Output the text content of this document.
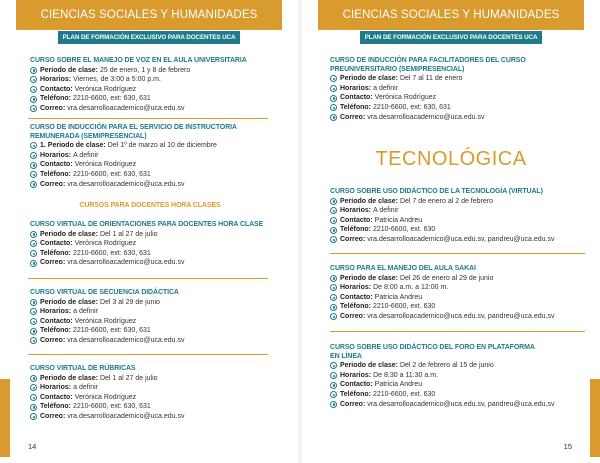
CIENCIAS SOCIALES Y HUMANIDADES
PLAN DE FORMACIÓN EXCLUSIVO PARA DOCENTES UCA
CURSO SOBRE EL MANEJO DE VOZ EN EL AULA UNIVERSITARIA
Periodo de clase: 25 de enero, 1 y 8 de febrero
Horarios: Viernes, de 3:00 a 5:00 p.m.
Contacto: Verónica Rodríguez
Teléfono: 2210-6600, ext: 630, 631
Correo: vra.desarrolloacademico@uca.edu.sv
CURSO DE INDUCCIÓN PARA EL SERVICIO DE INSTRUCTORIA
REMUNERADA (SEMIPRESENCIAL)
1. Periodo de clase: Del 1º de marzo al 10 de diciembre
Horarios: A definir
Contacto: Verónica Rodríguez
Teléfono: 2210-6600, ext: 630, 631
Correo: vra.desarrolloacademico@uca.edu.sv
CURSOS PARA DOCENTES HORA CLASES
CURSO VIRTUAL DE ORIENTACIONES PARA DOCENTES HORA CLASE
Periodo de clase: Del 1 al 27 de julio
Contacto: Verónica Rodríguez
Teléfono: 2210-6600, ext: 630, 631
Correo: vra.desarrolloacademico@uca.edu.sv
CURSO VIRTUAL DE SECUENCIA DIDÁCTICA
Periodo de clase: Del 3 al 29 de junio
Horarios: a definir
Contacto: Verónica Rodríguez
Teléfono: 2210-6600, ext: 630, 631
Correo: vra.desarrolloacademico@uca.edu.sv
CURSO VIRTUAL DE RÚBRICAS
Periodo de clase: Del 1 al 27 de julio
Horarios: a definir
Contacto: Verónica Rodríguez
Teléfono: 2210-6600, ext: 630, 631
Correo: vra.desarrolloacademico@uca.edu.sv
14
CIENCIAS SOCIALES Y HUMANIDADES
PLAN DE FORMACIÓN EXCLUSIVO PARA DOCENTES UCA
CURSO DE INDUCCIÓN PARA FACILITADORES DEL CURSO
PREUNIVERSITARIO (SEMIPRESENCIAL)
Periodo de clase: Del 7 al 11 de enero
Horarios: a definir
Contacto: Verónica Rodríguez
Teléfono: 2210-6600, ext: 630, 631
Correo: vra.desarrolloacademico@uca.edu.sv
TECNOLÓGICA
CURSO SOBRE USO DIDÁCTICO DE LA TECNOLOGÍA (VIRTUAL)
Periodo de clase: Del 7 de enero al 2 de febrero
Horarios: A definir
Contacto: Patricia Andreu
Teléfono: 2210-6600, ext. 630
Correo: vra.desarrolloacademico@uca.edu.sv, pandreu@uca.edu.sv
CURSO PARA EL MANEJO DEL AULA SAKAI
Periodo de clase: Del 26 de enero al 29 de junio
Horarios: De 8:00 a.m. a 12:00 m.
Contacto: Patricia Andreu
Teléfono: 2210-6600, ext. 630
Correo: vra.desarrolloacademico@uca.edu.sv, pandreu@uca.edu.sv
CURSO SOBRE USO DIDÁCTICO DEL FORO EN PLATAFORMA
EN LÍNEA
Periodo de clase: Del 2 de febrero al 15 de junio
Horarios: De 8:30 a 11:30 a.m.
Contacto: Patricia Andreu
Teléfono: 2210-6600, ext. 630
Correo: vra.desarrolloacademico@uca.edu.sv, pandreu@uca.edu.sv
15
